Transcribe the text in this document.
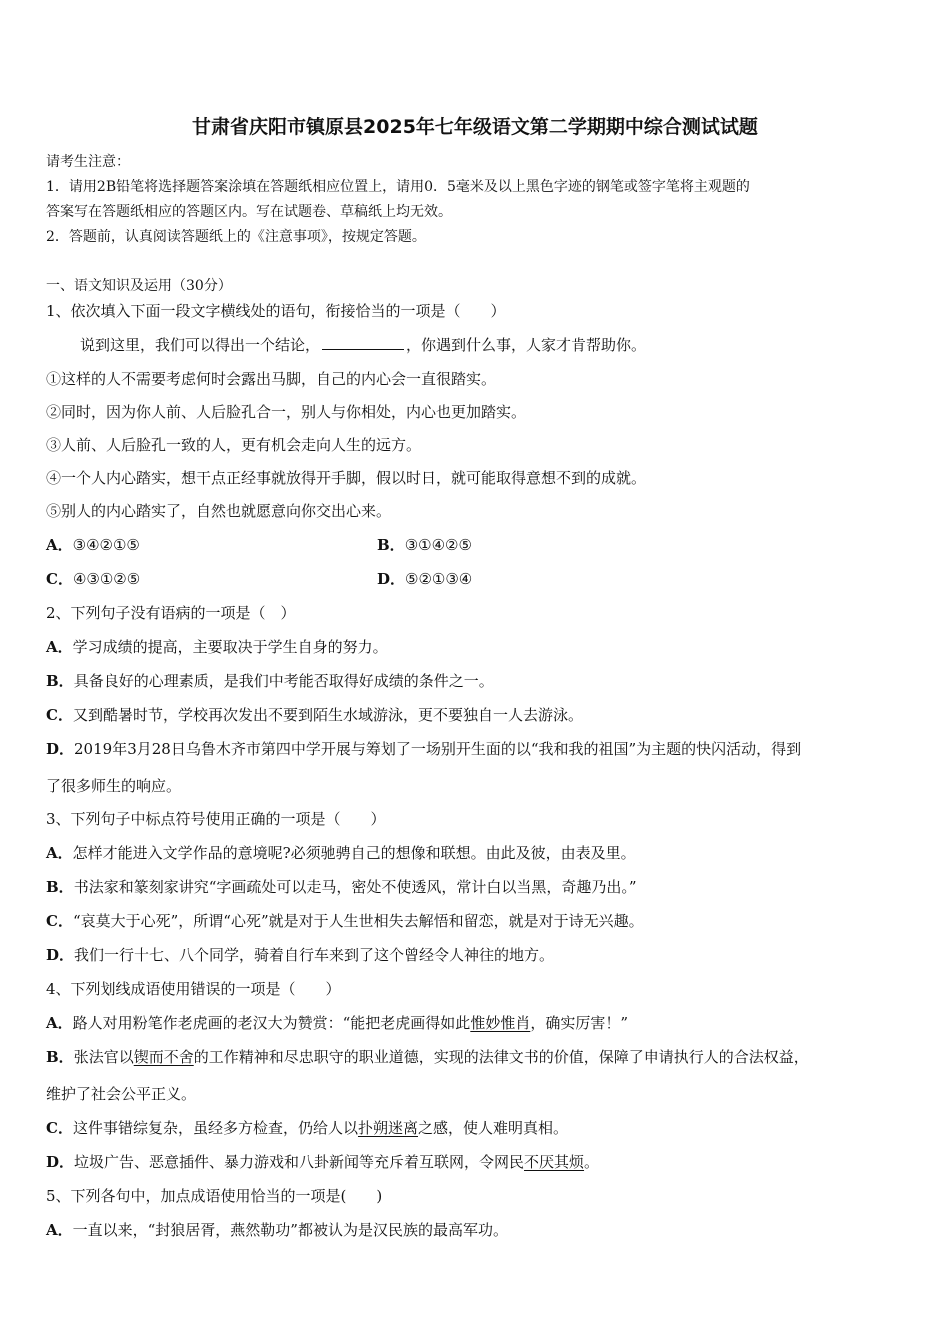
甘肃省庆阳市镇原县2025年七年级语文第二学期期中综合测试试题
请考生注意：
1．请用2B铅笔将选择题答案涂填在答题纸相应位置上，请用0．5毫米及以上黑色字迹的钢笔或签字笔将主观题的
答案写在答题纸相应的答题区内。写在试题卷、草稿纸上均无效。
2．答题前，认真阅读答题纸上的《注意事项》，按规定答题。
一、语文知识及运用（30分）
1、依次填入下面一段文字横线处的语句，衔接恰当的一项是（　　）
说到这里，我们可以得出一个结论，	，你遇到什么事，人家才肯帮助你。
①这样的人不需要考虑何时会露出马脚，自己的内心会一直很踏实。
②同时，因为你人前、人后脸孔合一，别人与你相处，内心也更加踏实。
③人前、人后脸孔一致的人，更有机会走向人生的远方。
④一个人内心踏实，想干点正经事就放得开手脚，假以时日，就可能取得意想不到的成就。
⑤别人的内心踏实了，自然也就愿意向你交出心来。
A．③④②①⑤	B．③①④②⑤
C．④③①②⑤	D．⑤②①③④
2、下列句子没有语病的一项是（　）
A．学习成绩的提高，主要取决于学生自身的努力。
B．具备良好的心理素质，是我们中考能否取得好成绩的条件之一。
C．又到酷暑时节，学校再次发出不要到陌生水域游泳，更不要独自一人去游泳。
D．2019年3月28日乌鲁木齐市第四中学开展与筹划了一场别开生面的以“我和我的祖国”为主题的快闪活动，得到
了很多师生的响应。
3、下列句子中标点符号使用正确的一项是（　　）
A．怎样才能进入文学作品的意境呢?必须驰骋自己的想像和联想。由此及彼，由表及里。
B．书法家和篆刻家讲究“字画疏处可以走马，密处不使透风，常计白以当黑，奇趣乃出。”
C．“哀莫大于心死”，所谓“心死”就是对于人生世相失去解悟和留恋，就是对于诗无兴趣。
D．我们一行十七、八个同学，骑着自行车来到了这个曾经令人神往的地方。
4、下列划线成语使用错误的一项是（　　）
A．路人对用粉笔作老虎画的老汉大为赞赏：“能把老虎画得如此惟妙惟肖，确实厉害！”
B．张法官以锲而不舍的工作精神和尽忠职守的职业道德，实现的法律文书的价值，保障了申请执行人的合法权益，
维护了社会公平正义。
C．这件事错综复杂，虽经多方检查，仍给人以扑朔迷离之感，使人难明真相。
D．垃圾广告、恶意插件、暴力游戏和八卦新闻等充斥着互联网，令网民不厌其烦。
5、下列各句中，加点成语使用恰当的一项是(　　)
A．一直以来，“封狼居胥，燕然勒功”都被认为是汉民族的最高军功。
